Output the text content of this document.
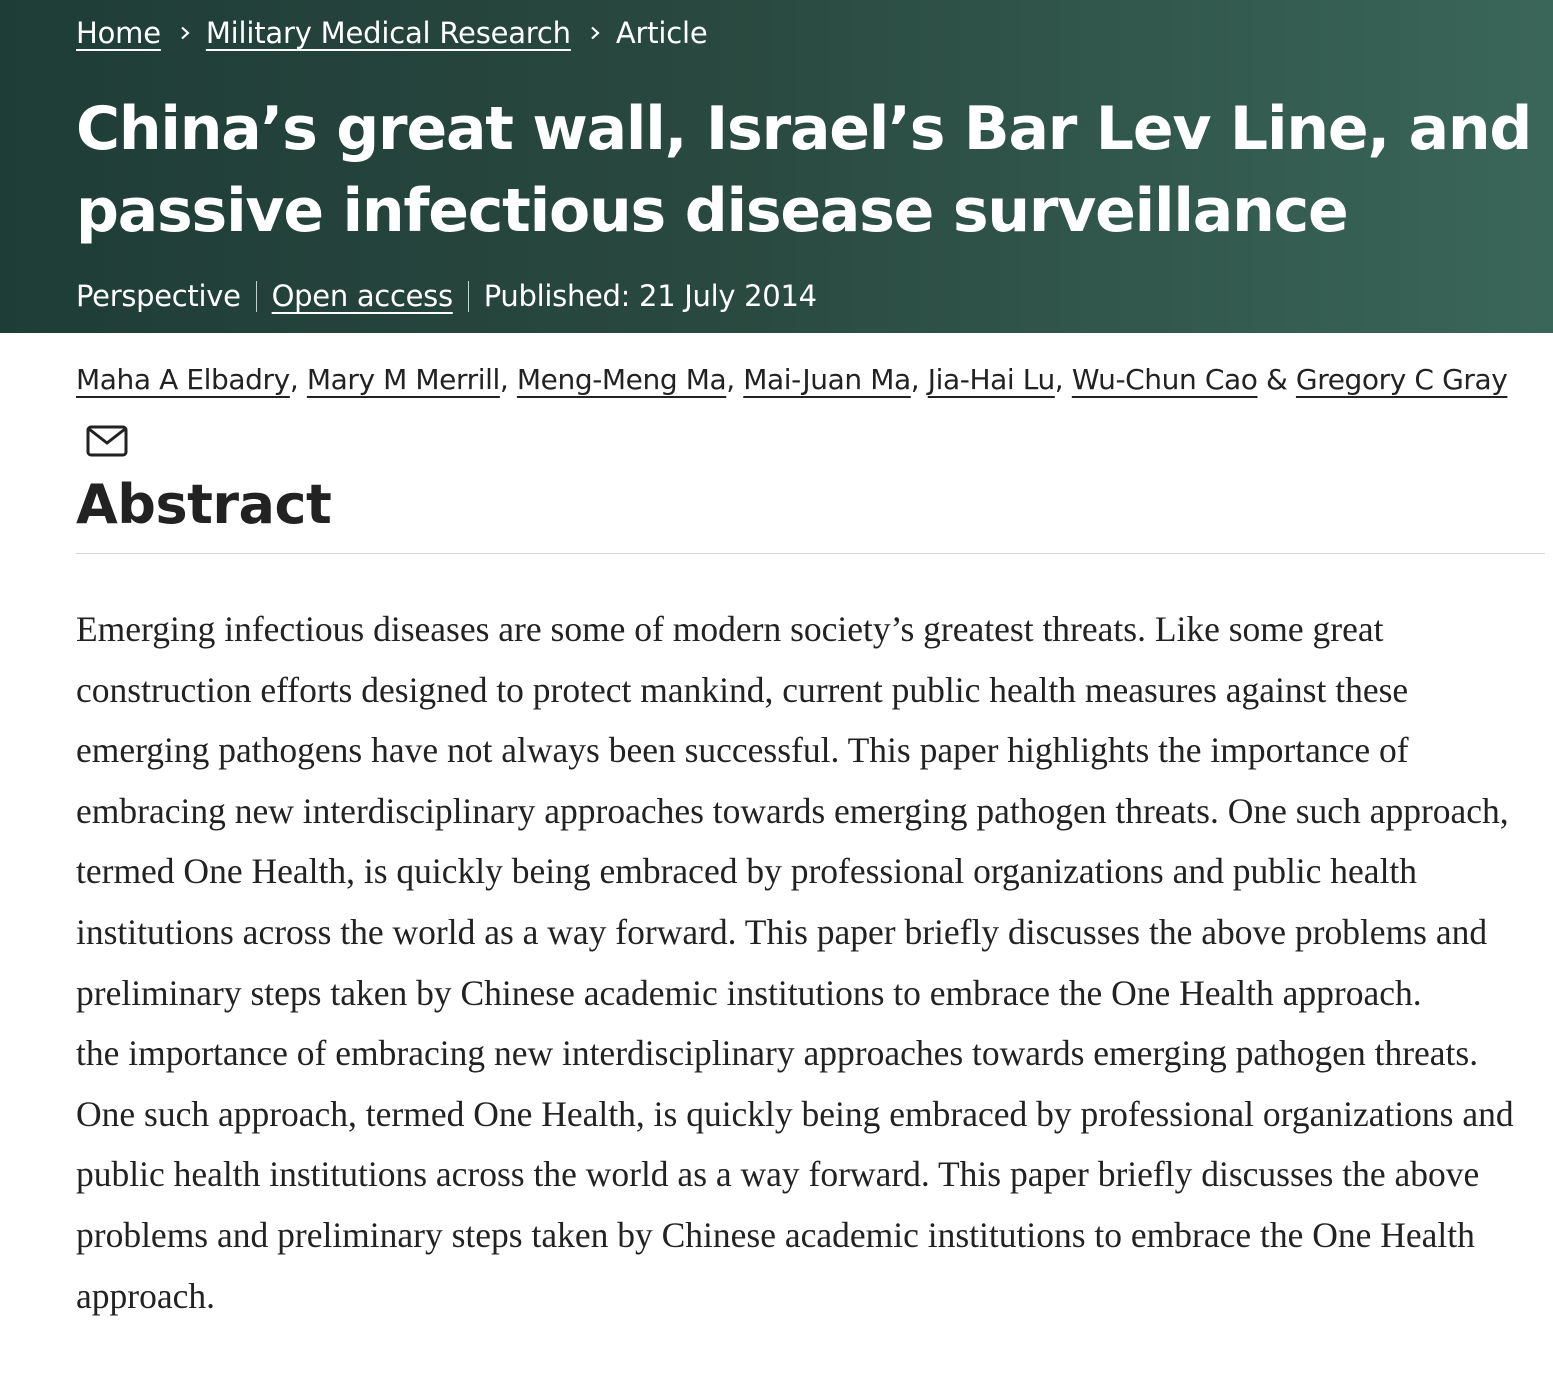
Home Military Medical Research Article
China’s great wall, Israel’s Bar Lev Line, and passive infectious disease surveillance
Perspective Open access Published: 21 July 2014
Maha A Elbadry, Mary M Merrill, Meng-Meng Ma, Mai-Juan Ma, Jia-Hai Lu, Wu-Chun Cao & Gregory C Gray
Abstract

Emerging infectious diseases are some of modern society’s greatest threats. Like some great construction efforts designed to protect mankind, current public health measures against these emerging pathogens have not always been successful. This paper highlights the importance of embracing new interdisciplinary approaches towards emerging pathogen threats. One such approach, termed One Health, is quickly being embraced by professional organizations and public health institutions across the world as a way forward. This paper briefly discusses the above problems and preliminary steps taken by Chinese academic institutions to embrace the One Health approach.

the importance of embracing new interdisciplinary approaches towards emerging pathogen threats. One such approach, termed One Health, is quickly being embraced by professional organizations and public health institutions across the world as a way forward. This paper briefly discusses the above problems and preliminary steps taken by Chinese academic institutions to embrace the One Health approach.
